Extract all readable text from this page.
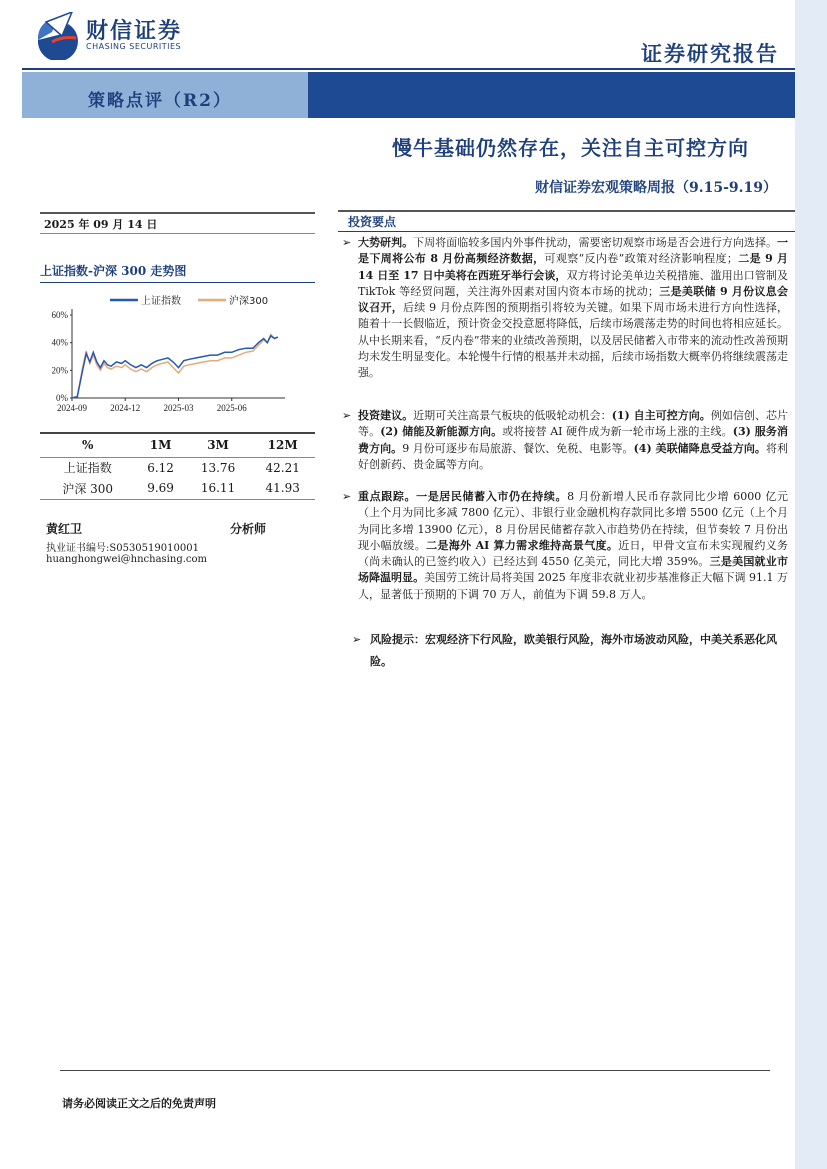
财信证券
CHASING SECURITIES	证券研究报告
策略点评（R2）
慢牛基础仍然存在，关注自主可控方向
财信证券宏观策略周报（9.15-9.19）
2025 年 09 月 14 日
上证指数-沪深 300 走势图
0%
20%
40%
60%
2024-09	2024-12	2025-03	2025-06
上证指数	沪深300
%	1M	3M	12M
上证指数	6.12	13.76	42.21
沪深 300	9.69	16.11	41.93
黄红卫	分析师
执业证书编号:S0530519010001
huanghongwei@hnchasing.com
投资要点
➢ 大势研判。下周将面临较多国内外事件扰动，需要密切观察市场是否会进行方向选择。一是下周将公布 8 月份高频经济数据，可观察“反内卷”政策对经济影响程度；二是 9 月 14 日至 17 日中美将在西班牙举行会谈，双方将讨论美单边关税措施、滥用出口管制及 TikTok 等经贸问题，关注海外因素对国内资本市场的扰动；三是美联储 9 月份议息会议召开，后续 9 月份点阵图的预期指引将较为关键。如果下周市场未进行方向性选择，随着十一长假临近，预计资金交投意愿将降低，后续市场震荡走势的时间也将相应延长。从中长期来看，“反内卷”带来的业绩改善预期，以及居民储蓄入市带来的流动性改善预期均未发生明显变化。本轮慢牛行情的根基并未动摇，后续市场指数大概率仍将继续震荡走强。
➢ 投资建议。近期可关注高景气板块的低吸轮动机会：(1) 自主可控方向。例如信创、芯片等。(2) 储能及新能源方向。或将接替 AI 硬件成为新一轮市场上涨的主线。(3) 服务消费方向。9 月份可逐步布局旅游、餐饮、免税、电影等。(4) 美联储降息受益方向。将利好创新药、贵金属等方向。
➢ 重点跟踪。一是居民储蓄入市仍在持续。8 月份新增人民币存款同比少增 6000 亿元（上个月为同比多减 7800 亿元）、非银行业金融机构存款同比多增 5500 亿元（上个月为同比多增 13900 亿元），8 月份居民储蓄存款入市趋势仍在持续，但节奏较 7 月份出现小幅放缓。二是海外 AI 算力需求维持高景气度。近日，甲骨文宣布未实现履约义务（尚未确认的已签约收入）已经达到 4550 亿美元，同比大增 359%。三是美国就业市场降温明显。美国劳工统计局将美国 2025 年度非农就业初步基准修正大幅下调 91.1 万人，显著低于预期的下调 70 万人，前值为下调 59.8 万人。
➢ 风险提示：宏观经济下行风险，欧美银行风险，海外市场波动风险，中美关系恶化风险。
请务必阅读正文之后的免责声明
